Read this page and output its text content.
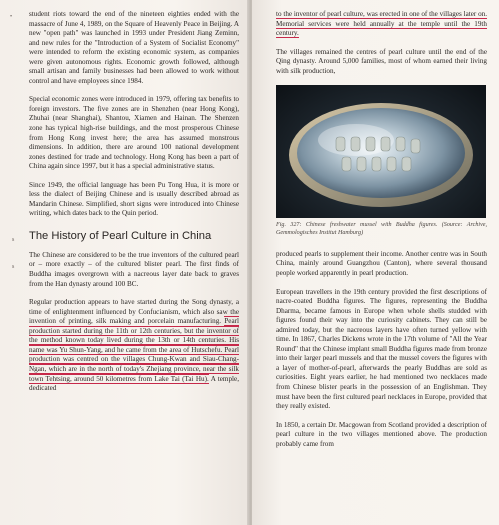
•
s
s

student riots toward the end of the nineteen eighties ended with the massacre of June 4, 1989, on the Square of Heavenly Peace in Beijing. A new "open path" was launched in 1993 under President Jiang Zeminn, and new rules for the "Introduction of a System of Socialist Economy" were intended to reform the existing economic system, as companies were given autonomous rights. Economic growth followed, although small artisan and family businesses had been allowed to work without control and have employees since 1984.

Special economic zones were introduced in 1979, offering tax benefits to foreign investors. The five zones are in Shenzhen (near Hong Kong), Zhuhai (near Shanghai), Shantou, Xiamen and Hainan. The Shenzen zone has typical high-rise buildings, and the most prosperous Chinese from Hong Kong invest here; the area has assumed monstrous dimensions. In addition, there are around 100 national development zones destined for trade and technology. Hong Kong has been a part of China again since 1997, but it has a special administrative status.

Since 1949, the official language has been Pu Tong Hua, it is more or less the dialect of Beijing Chinese and is usually described abroad as Mandarin Chinese. Simplified, short signs were introduced into Chinese writing, which dates back to the Quin period.

The History of Pearl Culture in China

The Chinese are considered to be the true inventors of the cultured pearl or – more exactly – of the cultured blister pearl. The first finds of Buddha images overgrown with a nacreous layer date back to graves from the Han dynasty around 100 BC.

Regular production appears to have started during the Song dynasty, a time of enlightenment influenced by Confucianism, which also saw the invention of printing, silk making and porcelain manufacturing. Pearl production started during the 11th or 12th centuries, but the inventor of the method known today lived during the 13th or 14th centuries. His name was Yu Shun-Yang, and he came from the area of Hutschefu. Pearl production was centred on the villages Chung-Kwan and Siau-Chang-Ngan, which are in the north of today's Zhejiang province, near the silk town Tehtsing, around 50 kilometres from Lake Tai (Tai Hu). A temple, dedicated

to the inventor of pearl culture, was erected in one of the villages later on. Memorial services were held annually at the temple until the 19th century.

The villages remained the centres of pearl culture until the end of the Qing dynasty. Around 5,000 families, most of whom earned their living with silk production,

Fig. 327: Chinese freshwater mussel with Buddha figures. (Source: Archive, Gemmologisches Institut Hamburg)

produced pearls to supplement their income. Another centre was in South China, mainly around Guangzhou (Canton), where several thousand people worked apparently in pearl production.

European travellers in the 19th century provided the first descriptions of nacre-coated Buddha figures. The figures, representing the Buddha Dharma, became famous in Europe when whole shells studded with figures found their way into the curiosity cabinets. They can still be admired today, but the nacreous layers have often turned yellow with time. In 1867, Charles Dickens wrote in the 17th volume of "All the Year Round" that the Chinese implant small Buddha figures made from bronze into their larger pearl mussels and that the mussel covers the figures with a layer of mother-of-pearl, afterwards the pearly Buddhas are sold as curiosities. Eight years earlier, he had mentioned two necklaces made from Chinese blister pearls in the possession of an Englishman. They must have been the first cultured pearl necklaces in Europe, provided that they really existed.

In 1850, a certain Dr. Macgowan from Scotland provided a description of pearl culture in the two villages mentioned above. The production probably came from
